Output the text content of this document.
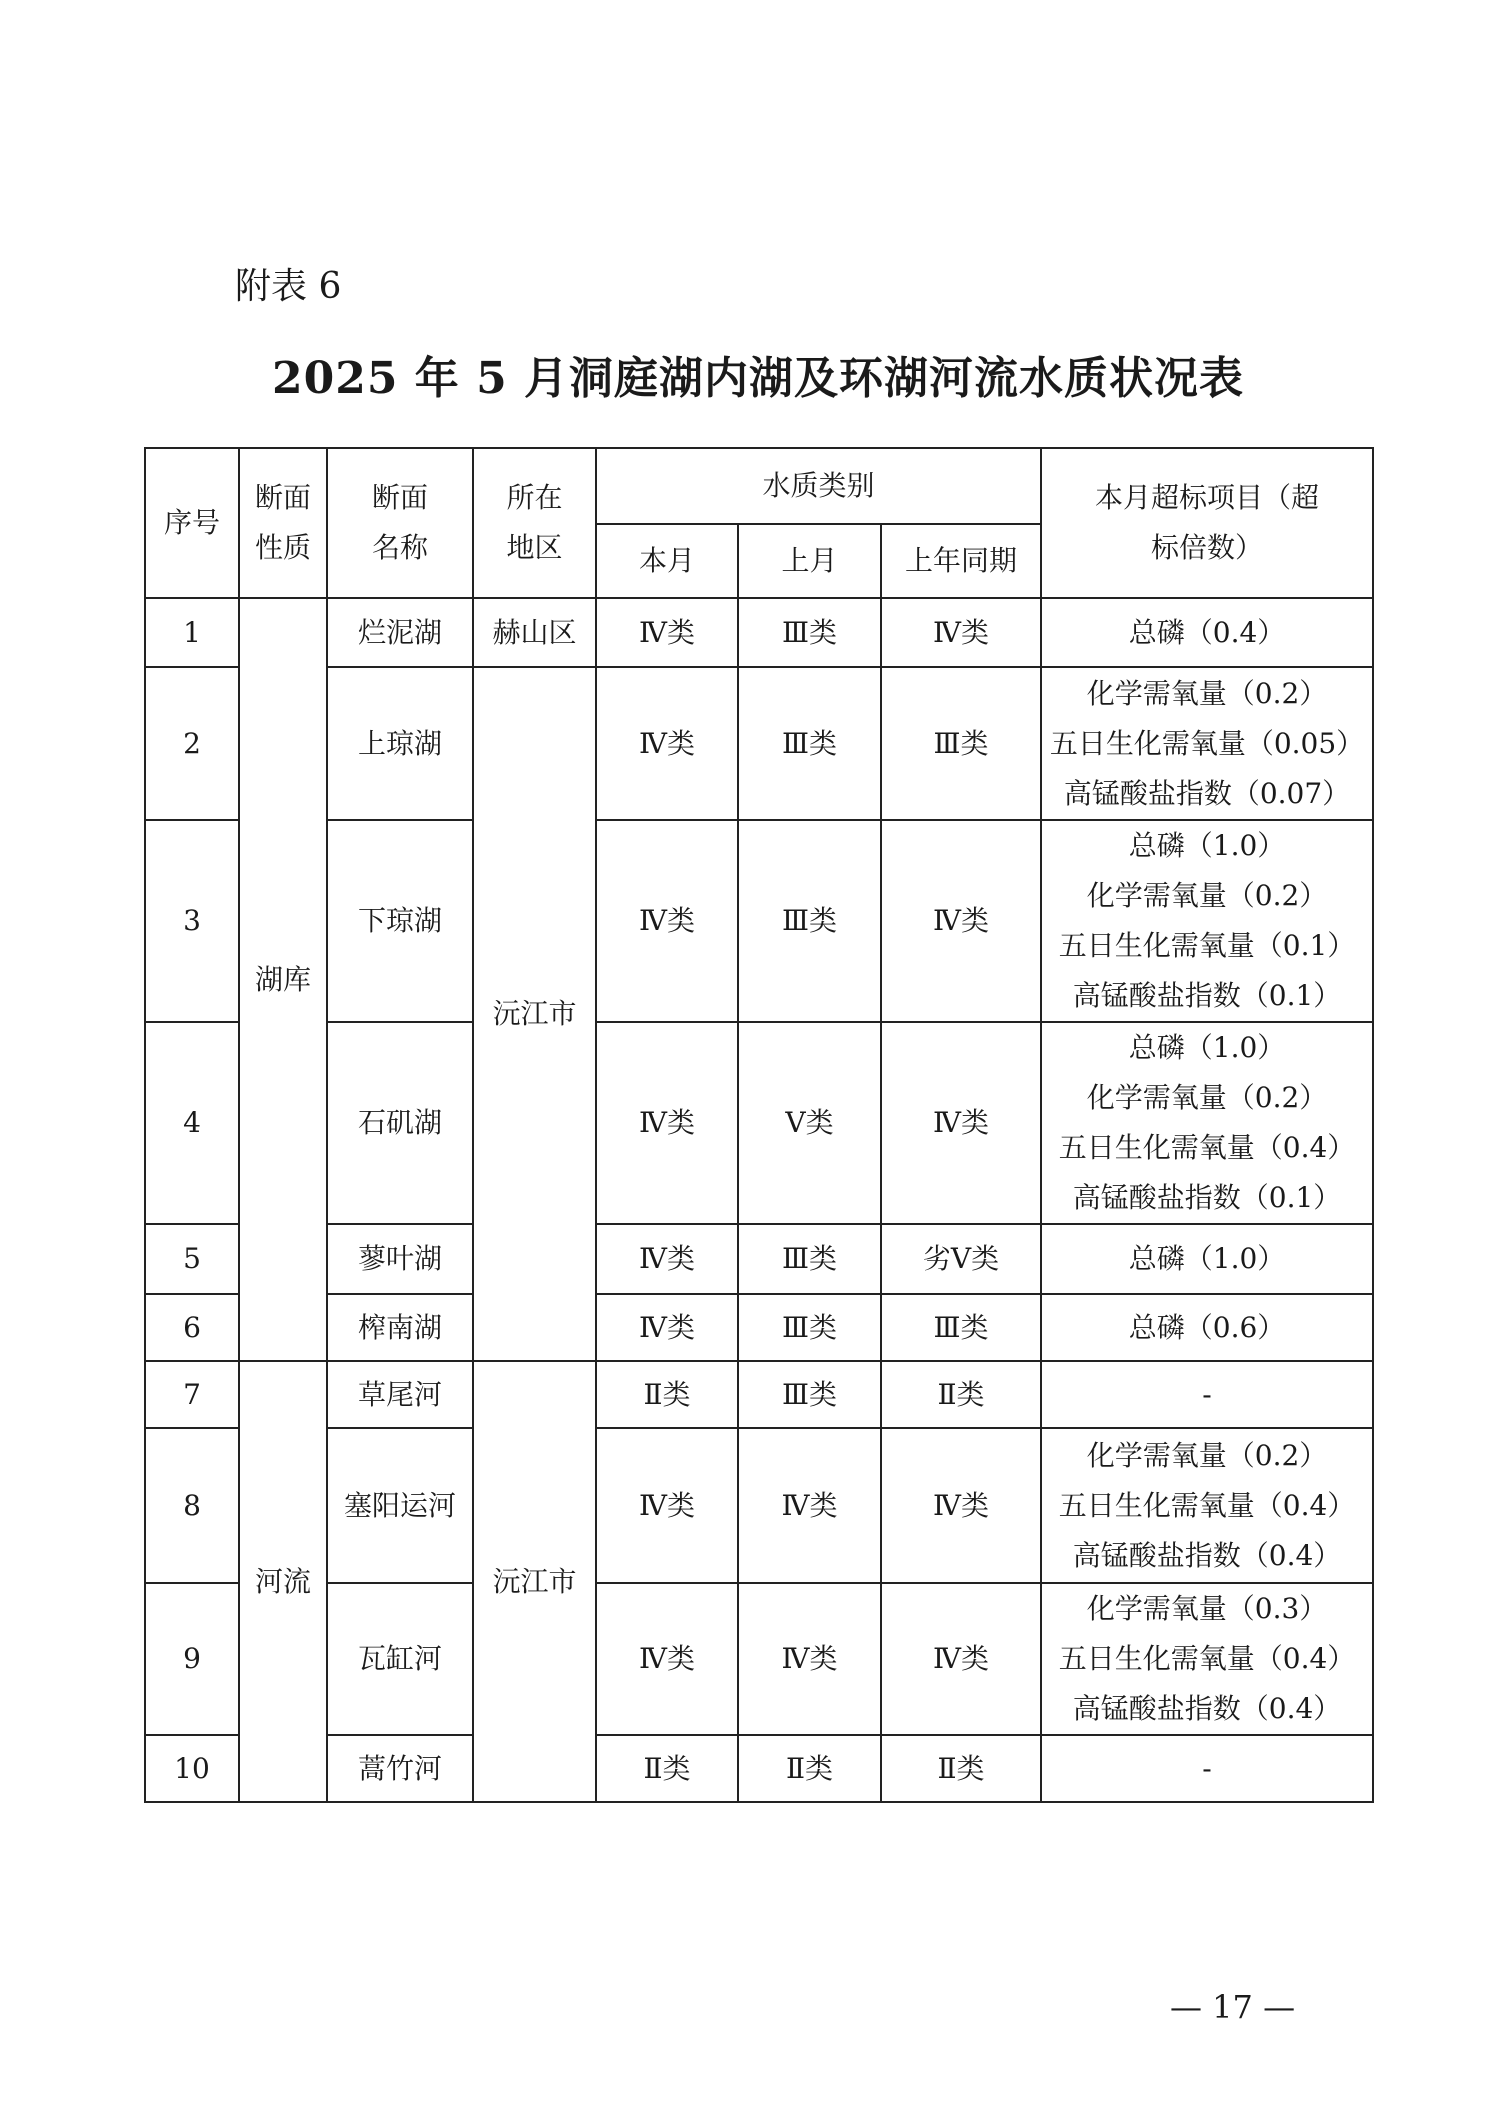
附表 6
2025 年 5 月洞庭湖内湖及环湖河流水质状况表
序号	断面性质	断面名称	所在地区	水质类别			本月超标项目（超标倍数）
				本月	上月	上年同期	
1	湖库	烂泥湖	赫山区	Ⅳ类	Ⅲ类	Ⅳ类	总磷（0.4）

2		上琼湖	沅江市	Ⅳ类	Ⅲ类	Ⅲ类	化学需氧量（0.2）
五日生化需氧量（0.05）
高锰酸盐指数（0.07）

3		下琼湖		Ⅳ类	Ⅲ类	Ⅳ类	总磷（1.0）
化学需氧量（0.2）
五日生化需氧量（0.1）
高锰酸盐指数（0.1）

4		石矶湖		Ⅳ类	Ⅴ类	Ⅳ类	总磷（1.0）
化学需氧量（0.2）
五日生化需氧量（0.4）
高锰酸盐指数（0.1）

5		蓼叶湖		Ⅳ类	Ⅲ类	劣Ⅴ类	总磷（1.0）

6		榨南湖		Ⅳ类	Ⅲ类	Ⅲ类	总磷（0.6）

7	河流	草尾河	沅江市	Ⅱ类	Ⅲ类	Ⅱ类	-

8		塞阳运河		Ⅳ类	Ⅳ类	Ⅳ类	化学需氧量（0.2）
五日生化需氧量（0.4）
高锰酸盐指数（0.4）

9		瓦缸河		Ⅳ类	Ⅳ类	Ⅳ类	化学需氧量（0.3）
五日生化需氧量（0.4）
高锰酸盐指数（0.4）

10		蒿竹河		Ⅱ类	Ⅱ类	Ⅱ类	-
— 17 —
